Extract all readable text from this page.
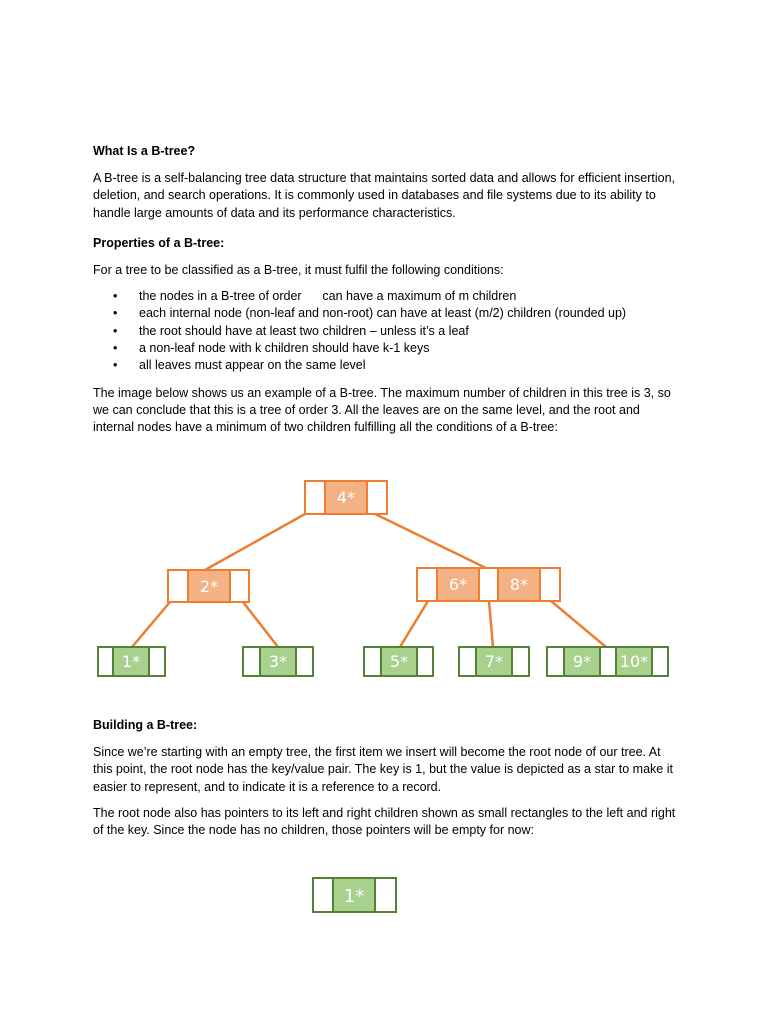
What Is a B-tree?

A B-tree is a self-balancing tree data structure that maintains sorted data and allows for efficient insertion, deletion, and search operations. It is commonly used in databases and file systems due to its ability to handle large amounts of data and its performance characteristics.

Properties of a B-tree:

For a tree to be classified as a B-tree, it must fulfil the following conditions:

• the nodes in a B-tree of order      can have a maximum of m children
• each internal node (non-leaf and non-root) can have at least (m/2) children (rounded up)
• the root should have at least two children – unless it’s a leaf
• a non-leaf node with k children should have k-1 keys
• all leaves must appear on the same level

The image below shows us an example of a B-tree. The maximum number of children in this tree is 3, so we can conclude that this is a tree of order 3. All the leaves are on the same level, and the root and internal nodes have a minimum of two children fulfilling all the conditions of a B-tree:

4*
2*	6*	8*
1*	3*	5*	7*	9* 10*
Building a B-tree:

Since we’re starting with an empty tree, the first item we insert will become the root node of our tree. At this point, the root node has the key/value pair. The key is 1, but the value is depicted as a star to make it easier to represent, and to indicate it is a reference to a record.

The root node also has pointers to its left and right children shown as small rectangles to the left and right of the key. Since the node has no children, those pointers will be empty for now:

1*
